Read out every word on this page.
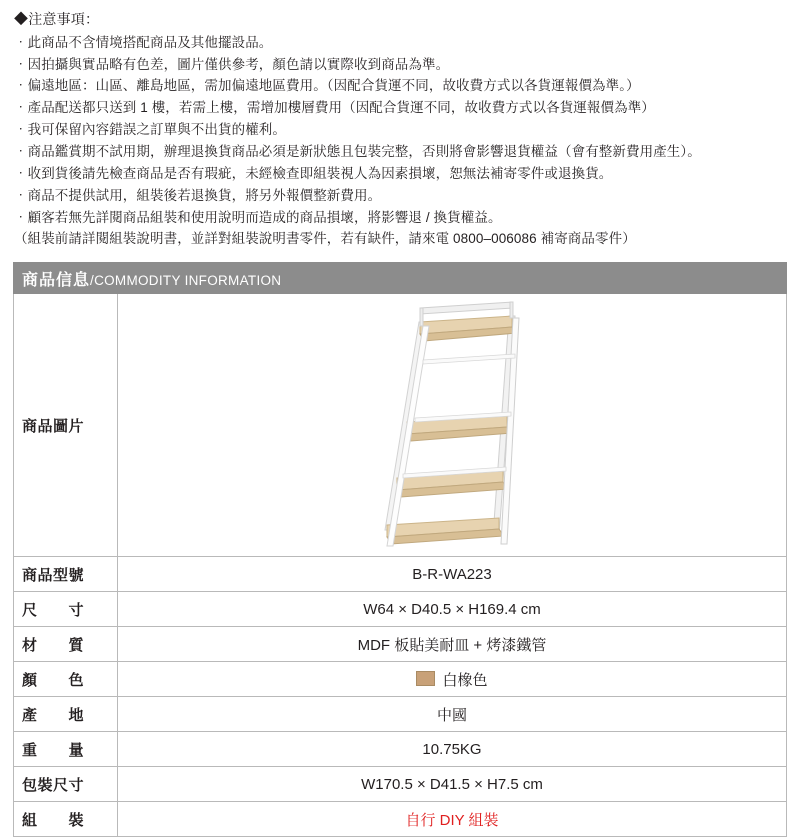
◆注意事項：
‧此商品不含情境搭配商品及其他擺設品。
‧因拍攝與實品略有色差，圖片僅供參考，顏色請以實際收到商品為準。
‧偏遠地區：山區、離島地區，需加偏遠地區費用。（因配合貨運不同，故收費方式以各貨運報價為準。）
‧產品配送都只送到 1 樓，若需上樓，需增加樓層費用（因配合貨運不同，故收費方式以各貨運報價為準）
‧我可保留內容錯誤之訂單與不出貨的權利。
‧商品鑑賞期不試用期，辦理退換貨商品必須是新狀態且包裝完整，否則將會影響退貨權益（會有整新費用產生）。
‧收到貨後請先檢查商品是否有瑕疵，未經檢查即組裝視人為因素損壞，恕無法補寄零件或退換貨。
‧商品不提供試用，組裝後若退換貨，將另外報價整新費用。
‧顧客若無先詳閱商品組裝和使用說明而造成的商品損壞，將影響退 / 換貨權益。
（組裝前請詳閱組裝說明書，並詳對組裝說明書零件，若有缺件，請來電 0800–006086 補寄商品零件）
商品信息/COMMODITY INFORMATION	
商品圖片	

商品型號	B-R-WA223
尺　　寸	W64 × D40.5 × H169.4 cm
材　　質	MDF 板貼美耐皿 + 烤漆鐵管
顏　　色	白橡色
產　　地	中國
重　　量	10.75KG
包裝尺寸	W170.5 × D41.5 × H7.5 cm
組　　裝	自行 DIY 組裝
